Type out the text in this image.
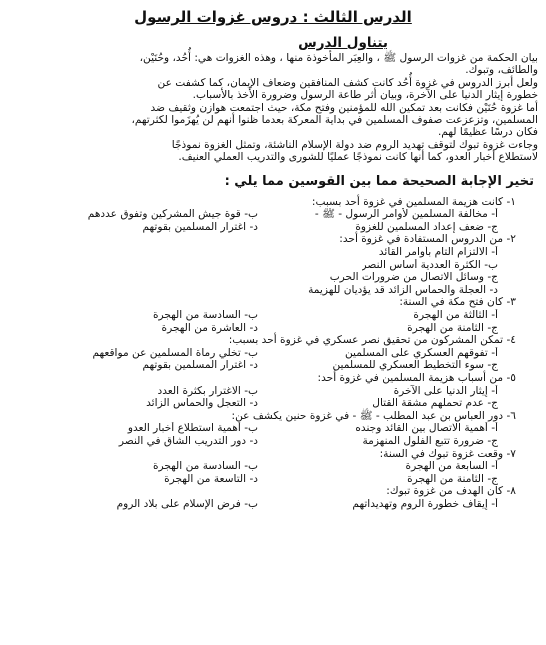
الدرس الثالث : دروس غزوات الرسول
يتناول الدرس
بيان الحكمة من غزوات الرسول ﷺ ، والعِبَر المأخوذة منها ، وهذه الغزوات هي: أُحُد، وحُنَيْن،
والطائف، وتبوك.
ولعل أبرز الدروس في غزوة أُحُد كانت كشف المنافقين وضعاف الإيمان، كما كشفت عن
خطورة إيثار الدنيا على الآخرة، وبيان أثر طاعة الرسول وضرورة الأخذ بالأسباب.
أما غزوة حُنَيْن فكانت بعد تمكين الله للمؤمنين وفتح مكة، حيث اجتمعت هوازن وثقيف ضد
المسلمين، وتزعزعت صفوف المسلمين في بداية المعركة بعدما ظنوا أنهم لن يُهزَموا لكثرتهم،
فكان درسًا عظيمًا لهم.
وجاءت غزوة تبوك لتوقف تهديد الروم ضد دولة الإسلام الناشئة، وتمثل الغزوة نموذجًا
لاستطلاع أخبار العدو، كما أنها كانت نموذجًا عمليًا للشورى والتدريب العملي العنيف.
تخير الإجابة الصحيحة مما بين القوسين مما يلي :
١- كانت هزيمة المسلمين في غزوة أحد بسبب:
أ- مخالفة المسلمين لأوامر الرسول - ﷺ -
ب- قوة جيش المشركين وتفوق عددهم
ج- ضعف إعداد المسلمين للغزوة
د- اغترار المسلمين بقوتهم
٢- من الدروس المستفادة في غزوة أحد:
أ- الالتزام التام بأوامر القائد
ب- الكثرة العددية أساس النصر
ج- وسائل الاتصال من ضرورات الحرب
د- العجلة والحماس الزائد قد يؤديان للهزيمة
٣- كان فتح مكة في السنة:
أ- الثالثة من الهجرة
ب- السادسة من الهجرة
ج- الثامنة من الهجرة
د- العاشرة من الهجرة
٤- تمكن المشركون من تحقيق نصر عسكري في غزوة أحد بسبب:
أ- تفوقهم العسكري على المسلمين
ب- تخلي رماة المسلمين عن مواقعهم
ج- سوء التخطيط العسكري للمسلمين
د- اغترار المسلمين بقوتهم
٥- من أسباب هزيمة المسلمين في غزوة أحد:
أ- إيثار الدنيا على الآخرة
ب- الاغترار بكثرة العدد
ج- عدم تحملهم مشقة القتال
د- التعجل والحماس الزائد
٦- دور العباس بن عبد المطلب - ﷺ - في غزوة حنين يكشف عن:
أ- أهمية الاتصال بين القائد وجنده
ب- أهمية استطلاع أخبار العدو
ج- ضرورة تتبع الفلول المنهزمة
د- دور التدريب الشاق في النصر
٧- وقعت غزوة تبوك في السنة:
أ- السابعة من الهجرة
ب- السادسة من الهجرة
ج- الثامنة من الهجرة
د- التاسعة من الهجرة
٨- كان الهدف من غزوة تبوك:
أ- إيقاف خطورة الروم وتهديداتهم
ب- فرض الإسلام على بلاد الروم
